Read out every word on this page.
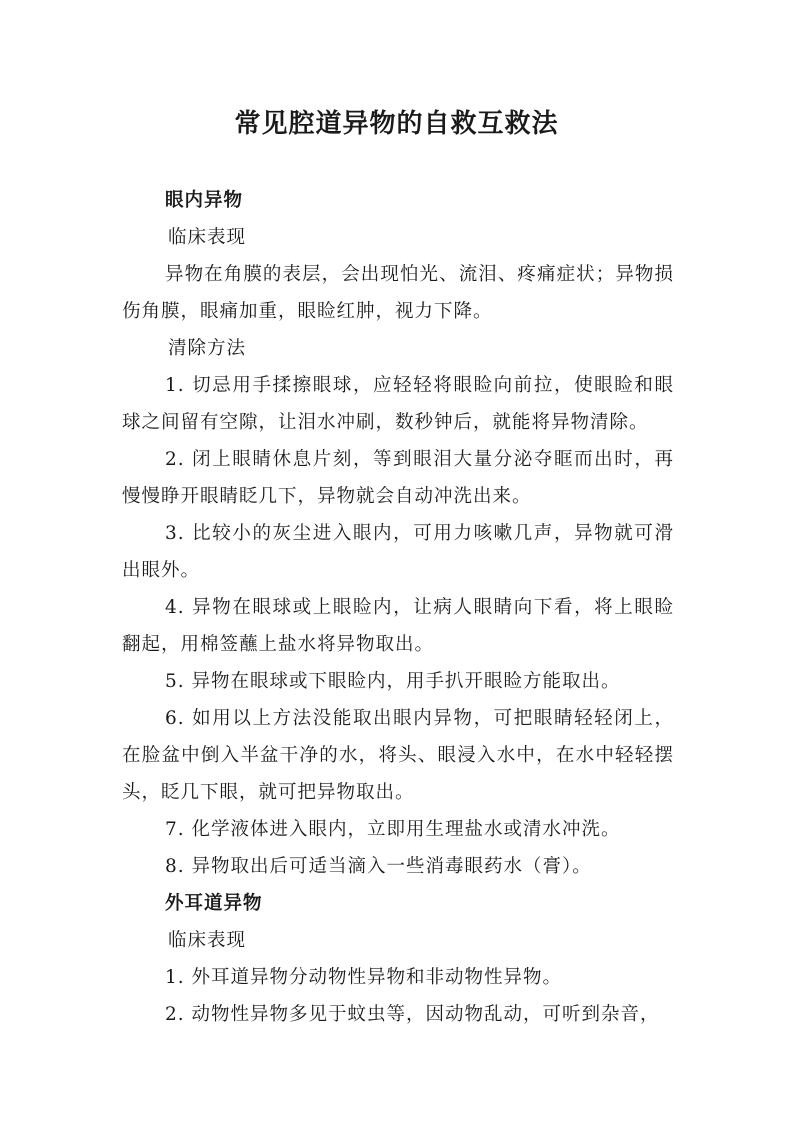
常见腔道异物的自救互救法

眼内异物

临床表现

异物在角膜的表层，会出现怕光、流泪、疼痛症状；异物损伤角膜，眼痛加重，眼睑红肿，视力下降。

清除方法

1. 切忌用手揉擦眼球，应轻轻将眼睑向前拉，使眼睑和眼球之间留有空隙，让泪水冲刷，数秒钟后，就能将异物清除。

2. 闭上眼睛休息片刻，等到眼泪大量分泌夺眶而出时，再慢慢睁开眼睛眨几下，异物就会自动冲洗出来。

3. 比较小的灰尘进入眼内，可用力咳嗽几声，异物就可滑出眼外。

4. 异物在眼球或上眼睑内，让病人眼睛向下看，将上眼睑翻起，用棉签蘸上盐水将异物取出。

5. 异物在眼球或下眼睑内，用手扒开眼睑方能取出。

6. 如用以上方法没能取出眼内异物，可把眼睛轻轻闭上，在脸盆中倒入半盆干净的水，将头、眼浸入水中，在水中轻轻摆头，眨几下眼，就可把异物取出。

7. 化学液体进入眼内，立即用生理盐水或清水冲洗。

8. 异物取出后可适当滴入一些消毒眼药水（膏）。

外耳道异物

临床表现

1. 外耳道异物分动物性异物和非动物性异物。

2. 动物性异物多见于蚊虫等，因动物乱动，可听到杂音，
